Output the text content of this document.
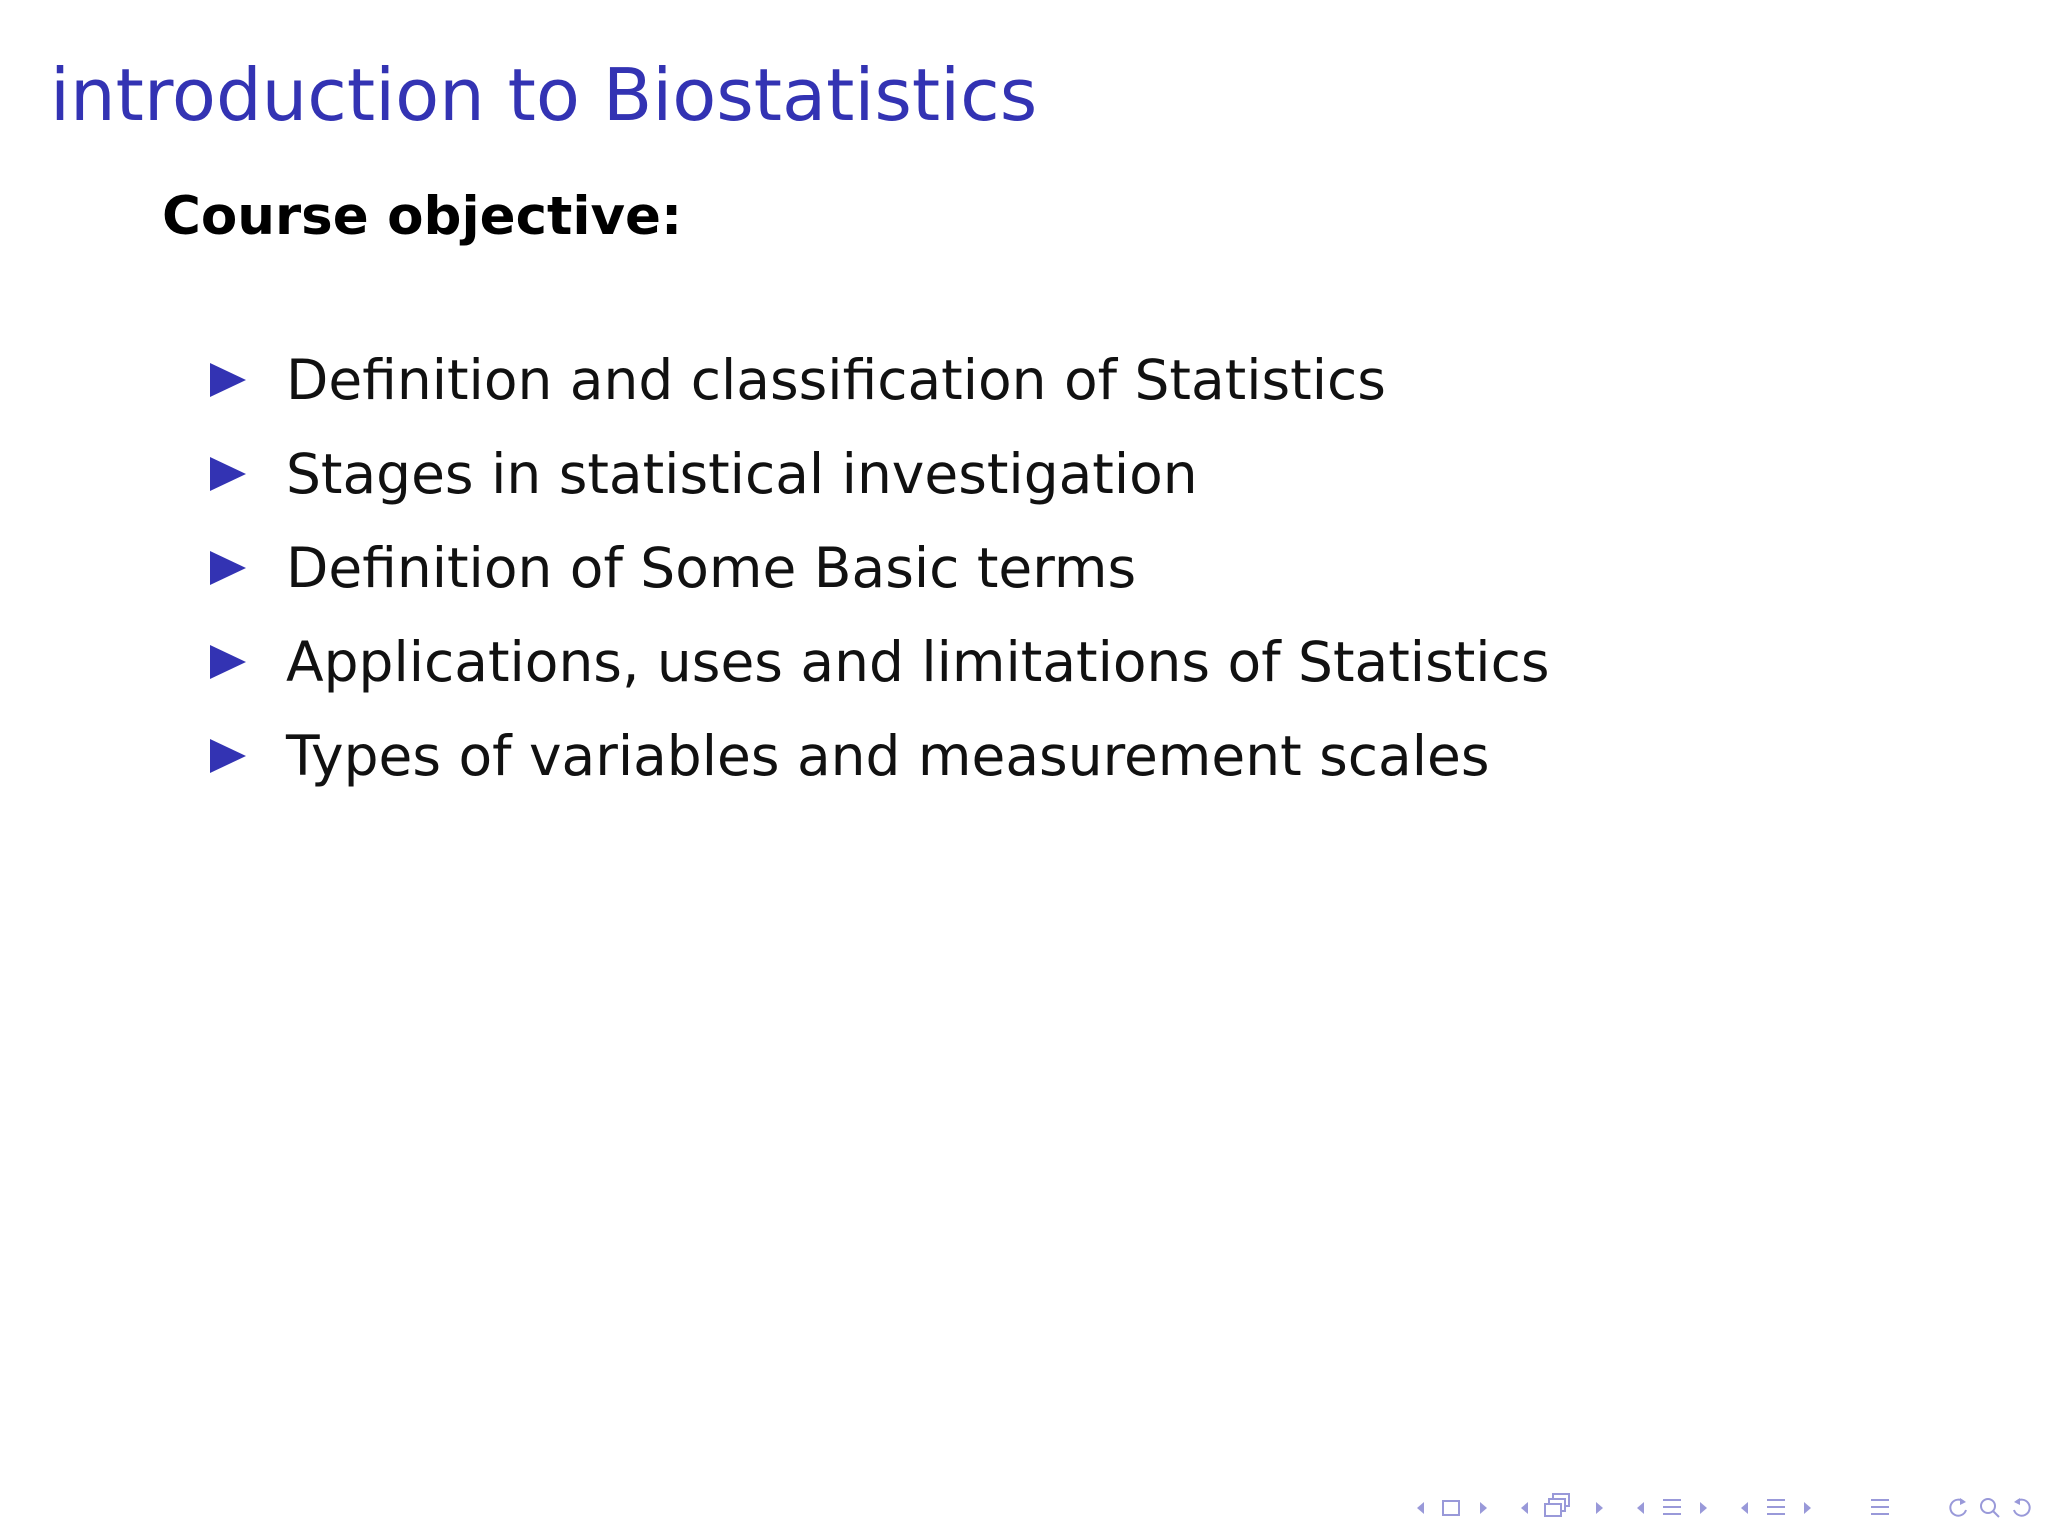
introduction to Biostatistics
Course objective:
Definition and classification of Statistics
Stages in statistical investigation
Definition of Some Basic terms
Applications, uses and limitations of Statistics
Types of variables and measurement scales
